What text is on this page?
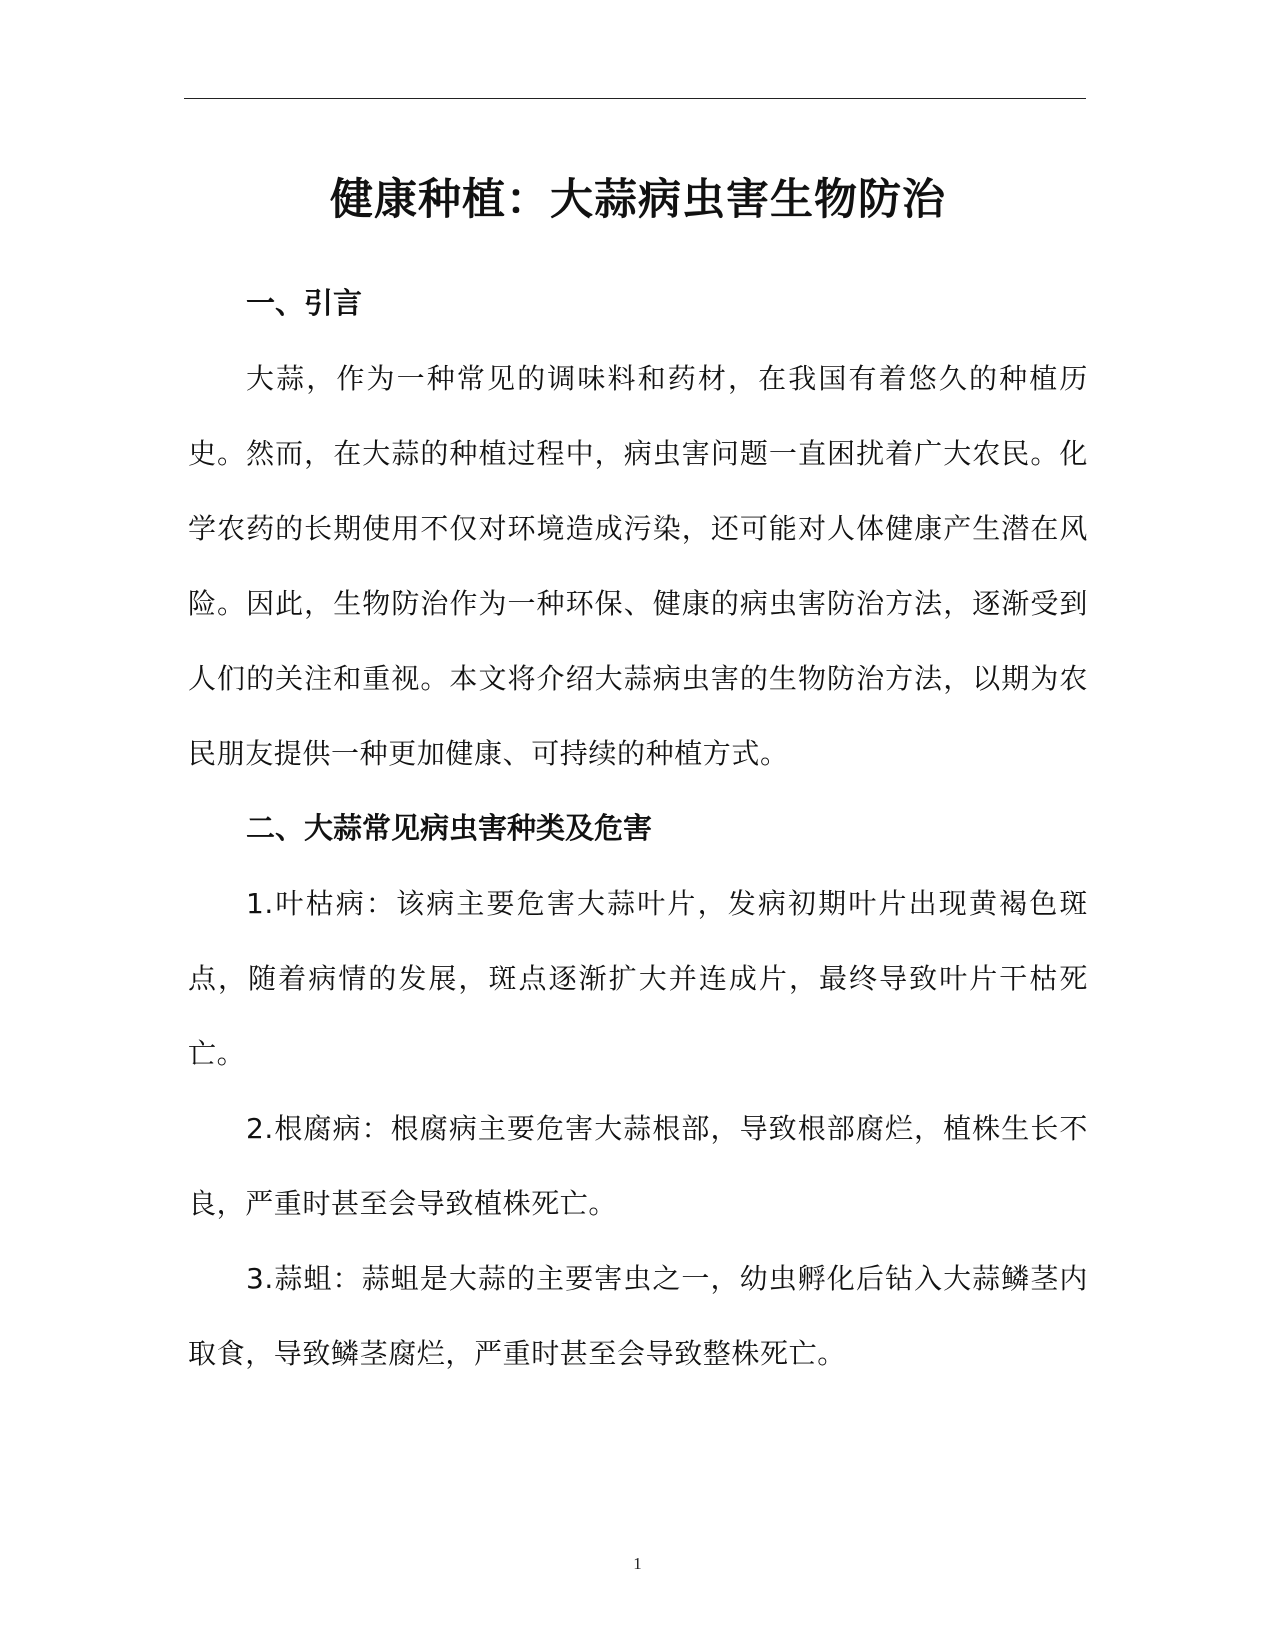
健康种植：大蒜病虫害生物防治
一、引言

大蒜，作为一种常见的调味料和药材，在我国有着悠久的种植历史。然而，在大蒜的种植过程中，病虫害问题一直困扰着广大农民。化学农药的长期使用不仅对环境造成污染，还可能对人体健康产生潜在风险。因此，生物防治作为一种环保、健康的病虫害防治方法，逐渐受到人们的关注和重视。本文将介绍大蒜病虫害的生物防治方法，以期为农民朋友提供一种更加健康、可持续的种植方式。

二、大蒜常见病虫害种类及危害

1.叶枯病：该病主要危害大蒜叶片，发病初期叶片出现黄褐色斑点，随着病情的发展，斑点逐渐扩大并连成片，最终导致叶片干枯死亡。

2.根腐病：根腐病主要危害大蒜根部，导致根部腐烂，植株生长不良，严重时甚至会导致植株死亡。

3.蒜蛆：蒜蛆是大蒜的主要害虫之一，幼虫孵化后钻入大蒜鳞茎内取食，导致鳞茎腐烂，严重时甚至会导致整株死亡。

1
